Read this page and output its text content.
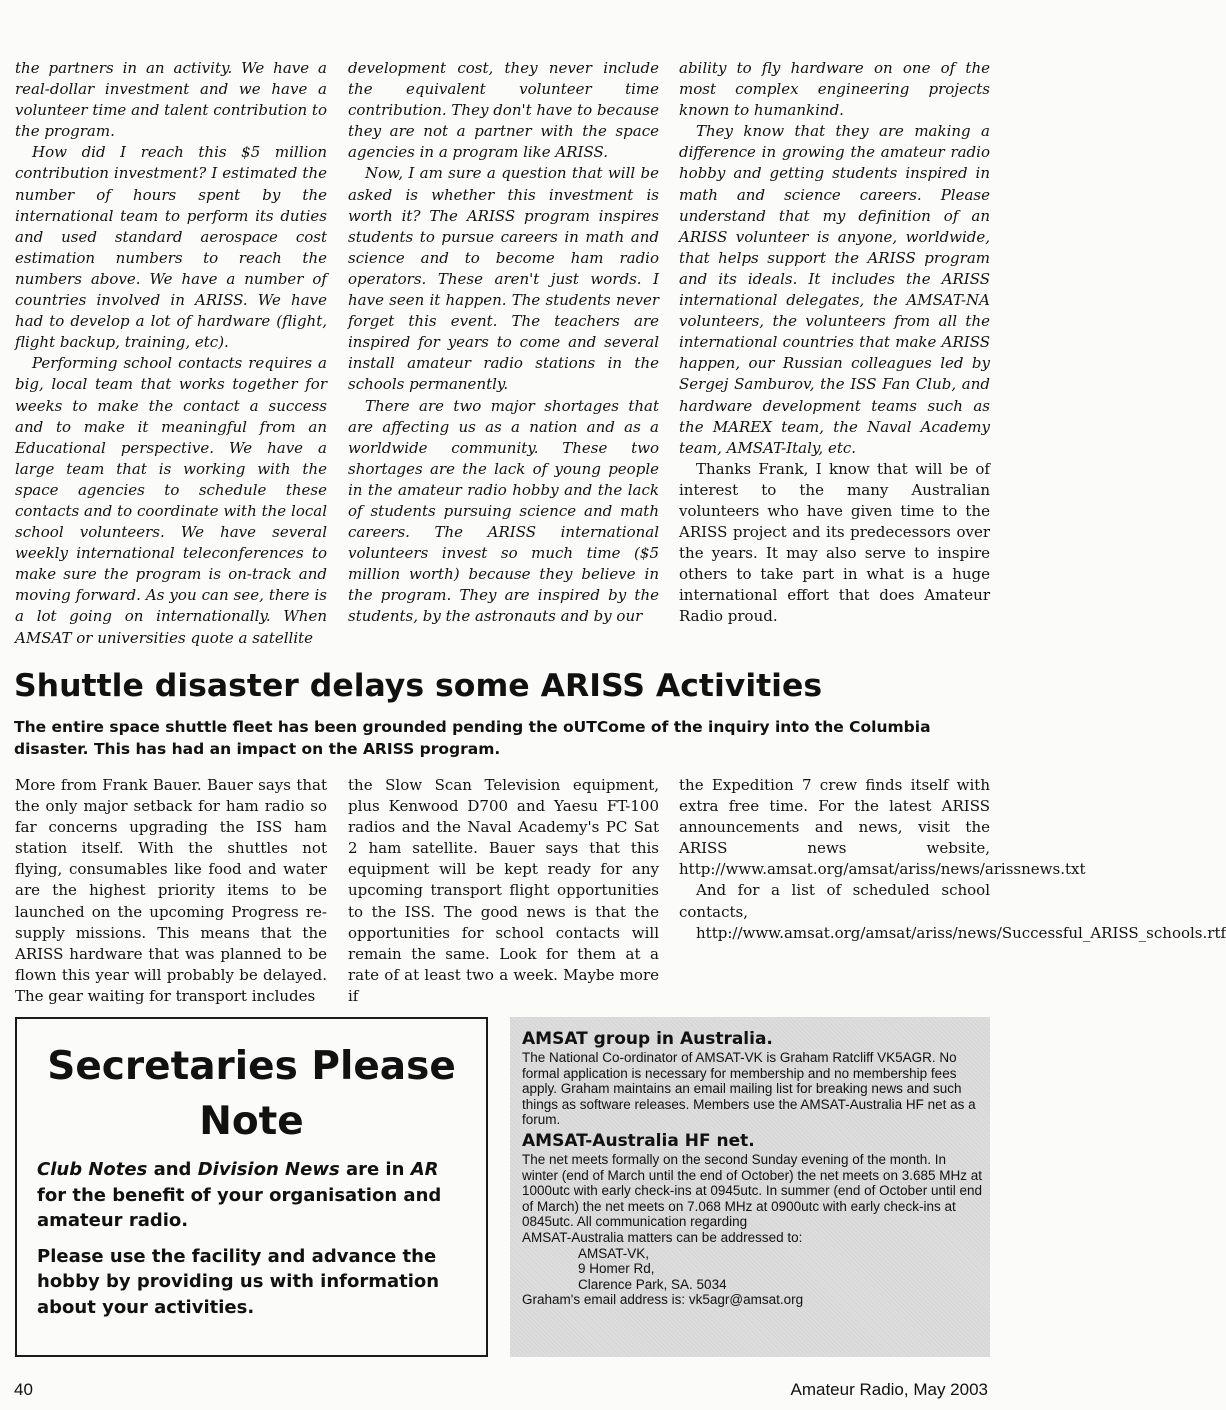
the partners in an activity. We have a real-dollar investment and we have a volunteer time and talent contribution to the program.

How did I reach this $5 million contribution investment? I estimated the number of hours spent by the international team to perform its duties and used standard aerospace cost estimation numbers to reach the numbers above. We have a number of countries involved in ARISS. We have had to develop a lot of hardware (flight, flight backup, training, etc).

Performing school contacts requires a big, local team that works together for weeks to make the contact a success and to make it meaningful from an Educational perspective. We have a large team that is working with the space agencies to schedule these contacts and to coordinate with the local school volunteers. We have several weekly international teleconferences to make sure the program is on-track and moving forward. As you can see, there is a lot going on internationally. When AMSAT or universities quote a satellite

development cost, they never include the equivalent volunteer time contribution. They don't have to because they are not a partner with the space agencies in a program like ARISS.

Now, I am sure a question that will be asked is whether this investment is worth it? The ARISS program inspires students to pursue careers in math and science and to become ham radio operators. These aren't just words. I have seen it happen. The students never forget this event. The teachers are inspired for years to come and several install amateur radio stations in the schools permanently.

There are two major shortages that are affecting us as a nation and as a worldwide community. These two shortages are the lack of young people in the amateur radio hobby and the lack of students pursuing science and math careers. The ARISS international volunteers invest so much time ($5 million worth) because they believe in the program. They are inspired by the students, by the astronauts and by our

ability to fly hardware on one of the most complex engineering projects known to humankind.

They know that they are making a difference in growing the amateur radio hobby and getting students inspired in math and science careers. Please understand that my definition of an ARISS volunteer is anyone, worldwide, that helps support the ARISS program and its ideals. It includes the ARISS international delegates, the AMSAT-NA volunteers, the volunteers from all the international countries that make ARISS happen, our Russian colleagues led by Sergej Samburov, the ISS Fan Club, and hardware development teams such as the MAREX team, the Naval Academy team, AMSAT-Italy, etc.

Thanks Frank, I know that will be of interest to the many Australian volunteers who have given time to the ARISS project and its predecessors over the years. It may also serve to inspire others to take part in what is a huge international effort that does Amateur Radio proud.

Shuttle disaster delays some ARISS Activities

The entire space shuttle fleet has been grounded pending the oUTCome of the inquiry into the Columbia disaster. This has had an impact on the ARISS program.

More from Frank Bauer. Bauer says that the only major setback for ham radio so far concerns upgrading the ISS ham station itself. With the shuttles not flying, consumables like food and water are the highest priority items to be launched on the upcoming Progress re-supply missions. This means that the ARISS hardware that was planned to be flown this year will probably be delayed. The gear waiting for transport includes

the Slow Scan Television equipment, plus Kenwood D700 and Yaesu FT-100 radios and the Naval Academy's PC Sat 2 ham satellite. Bauer says that this equipment will be kept ready for any upcoming transport flight opportunities to the ISS. The good news is that the opportunities for school contacts will remain the same. Look for them at a rate of at least two a week. Maybe more if

the Expedition 7 crew finds itself with extra free time. For the latest ARISS announcements and news, visit the ARISS news website, http://www.amsat.org/amsat/ariss/news/arissnews.txt

And for a list of scheduled school contacts,

http://www.amsat.org/amsat/ariss/news/Successful_ARISS_schools.rtf

Secretaries Please
Note

Club Notes and Division News are in AR for the benefit of your organisation and amateur radio.

Please use the facility and advance the hobby by providing us with information about your activities.

AMSAT group in Australia.

The National Co-ordinator of AMSAT-VK is Graham Ratcliff VK5AGR. No formal application is necessary for membership and no membership fees apply. Graham maintains an email mailing list for breaking news and such things as software releases. Members use the AMSAT-Australia HF net as a forum.

AMSAT-Australia HF net.

The net meets formally on the second Sunday evening of the month. In winter (end of March until the end of October) the net meets on 3.685 MHz at 1000utc with early check-ins at 0945utc. In summer (end of October until end of March) the net meets on 7.068 MHz at 0900utc with early check-ins at 0845utc. All communication regarding

AMSAT-Australia matters can be addressed to:

AMSAT-VK,

9 Homer Rd,

Clarence Park, SA. 5034

Graham's email address is: vk5agr@amsat.org

40	Amateur Radio, May 2003
